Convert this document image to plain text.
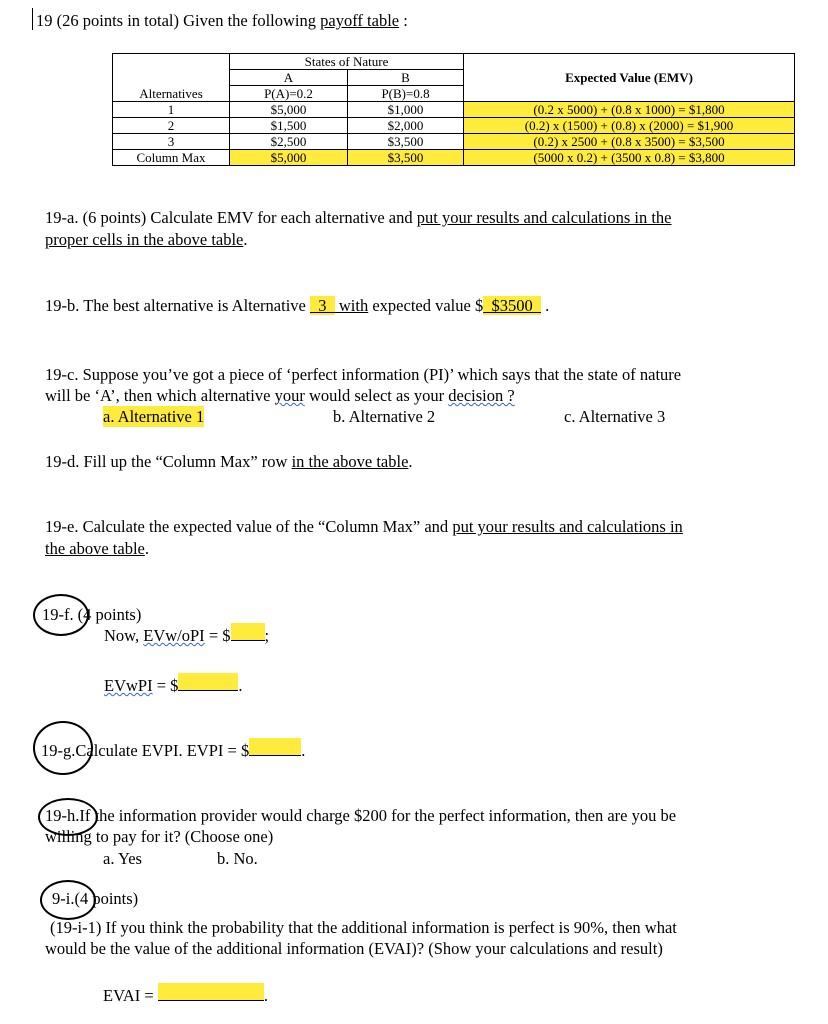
19 (26 points in total) Given the following payoff table :
	States of Nature		
	A	B	Expected Value (EMV)
Alternatives	P(A)=0.2	P(B)=0.8	
1	$5,000	$1,000	(0.2 x 5000) + (0.8 x 1000) = $1,800
2	$1,500	$2,000	(0.2) x (1500) + (0.8) x (2000) = $1,900
3	$2,500	$3,500	(0.2) x 2500 + (0.8 x 3500) = $3,500
Column Max	$5,000	$3,500	(5000 x 0.2) + (3500 x 0.8) = $3,800
19-a. (6 points) Calculate EMV for each alternative and put your results and calculations in the
proper cells in the above table.
19-b. The best alternative is Alternative   3   with expected value $  $3500   .
19-c. Suppose you’ve got a piece of ‘perfect information (PI)’ which says that the state of nature
will be ‘A’, then which alternative your would select as your decision ?
a. Alternative 1	b. Alternative 2	c. Alternative 3
19-d. Fill up the “Column Max” row in the above table.
19-e. Calculate the expected value of the “Column Max” and put your results and calculations in
the above table.
19-f. (4 points)
Now, EVw/oPI = $ ;
EVwPI = $	.
19-g.Calculate EVPI. EVPI = $	.
19-h.If the information provider would charge $200 for the perfect information, then are you be
willing to pay for it? (Choose one)
a. Yes	b. No.
9-i.(4 points)
(19-i-1) If you think the probability that the additional information is perfect is 90%, then what
would be the value of the additional information (EVAI)? (Show your calculations and result)
EVAI =	.
